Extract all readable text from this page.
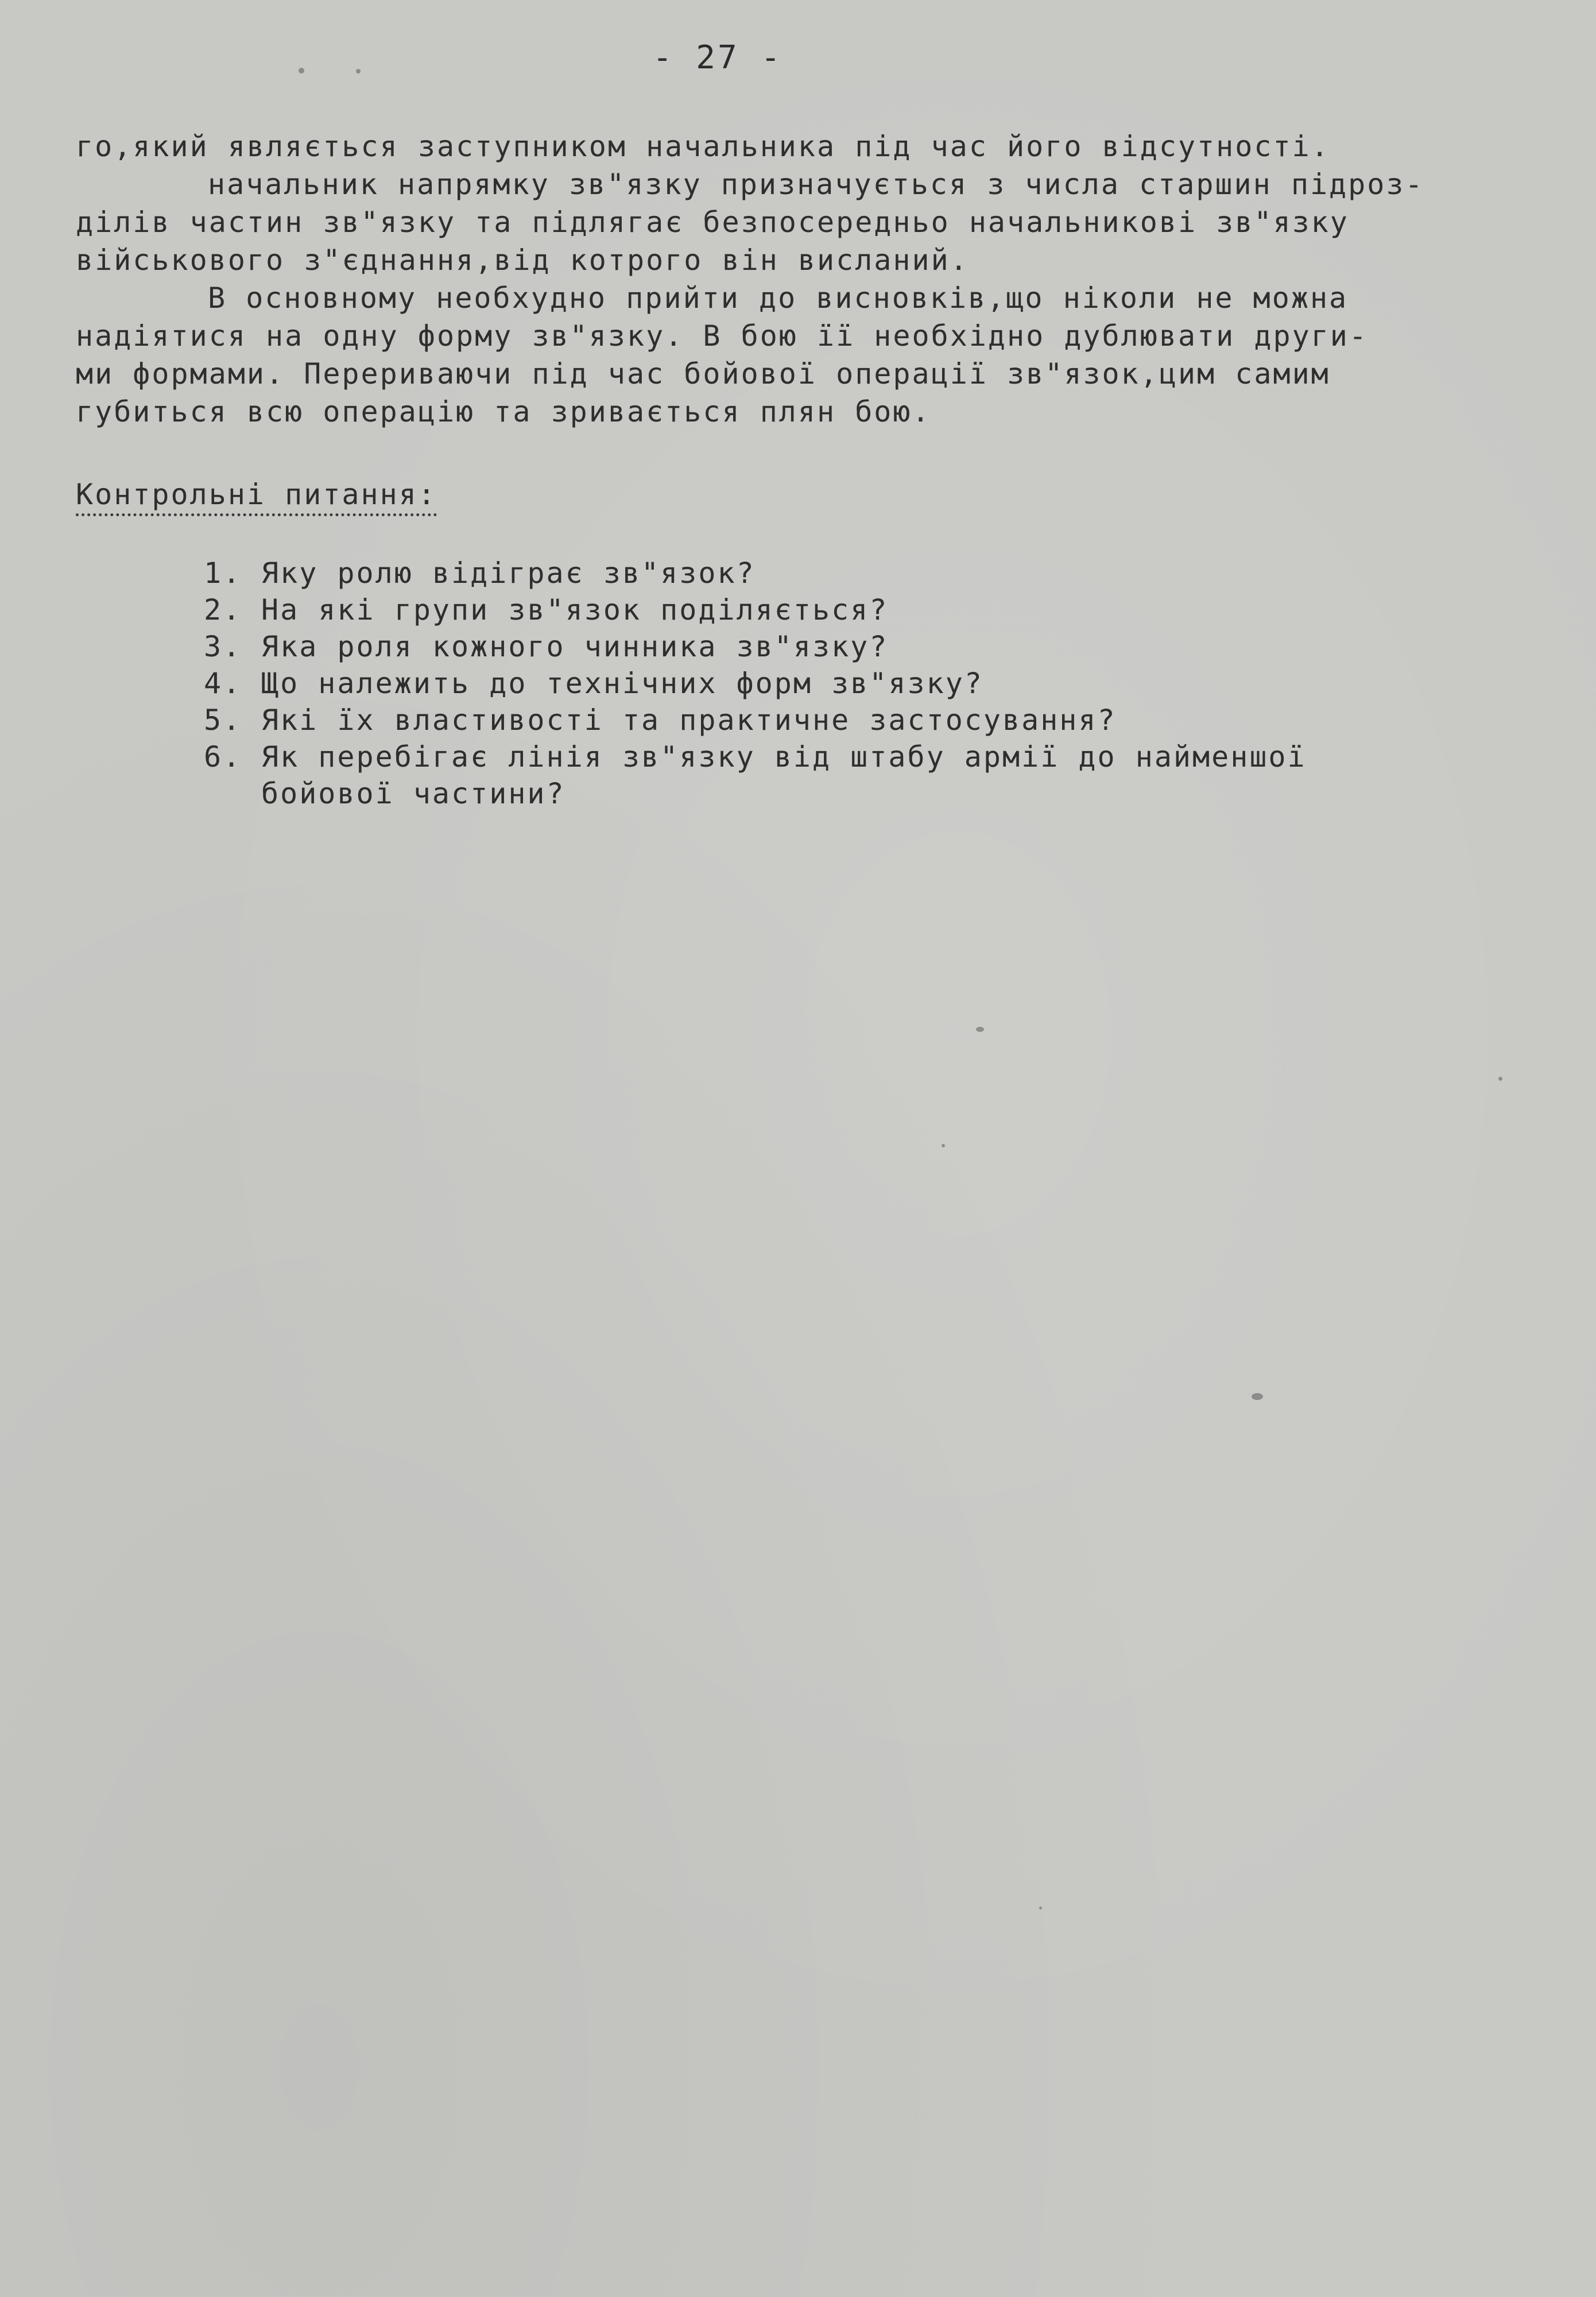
- 27 -
го,який являється заступником начальника під час його відсутності.
начальник напрямку зв"язку призначується з числа старшин підроз-
ділів частин зв"язку та підлягає безпосередньо начальникові зв"язку
військового з"єднання,від котрого він висланий.
В основному необхудно прийти до висновків,що ніколи не можна
надіятися на одну форму зв"язку. В бою її необхідно дублювати други-
ми формами. Перериваючи під час бойової операції зв"язок,цим самим
губиться всю операцію та зривається плян бою.
Контрольні питання:
1. Яку ролю відіграє зв"язок?
2. На які групи зв"язок поділяється?
3. Яка роля кожного чинника зв"язку?
4. Що належить до технічних форм зв"язку?
5. Які їх властивості та практичне застосування?
6. Як перебігає лінія зв"язку від штабу армії до найменшої
бойової частини?
